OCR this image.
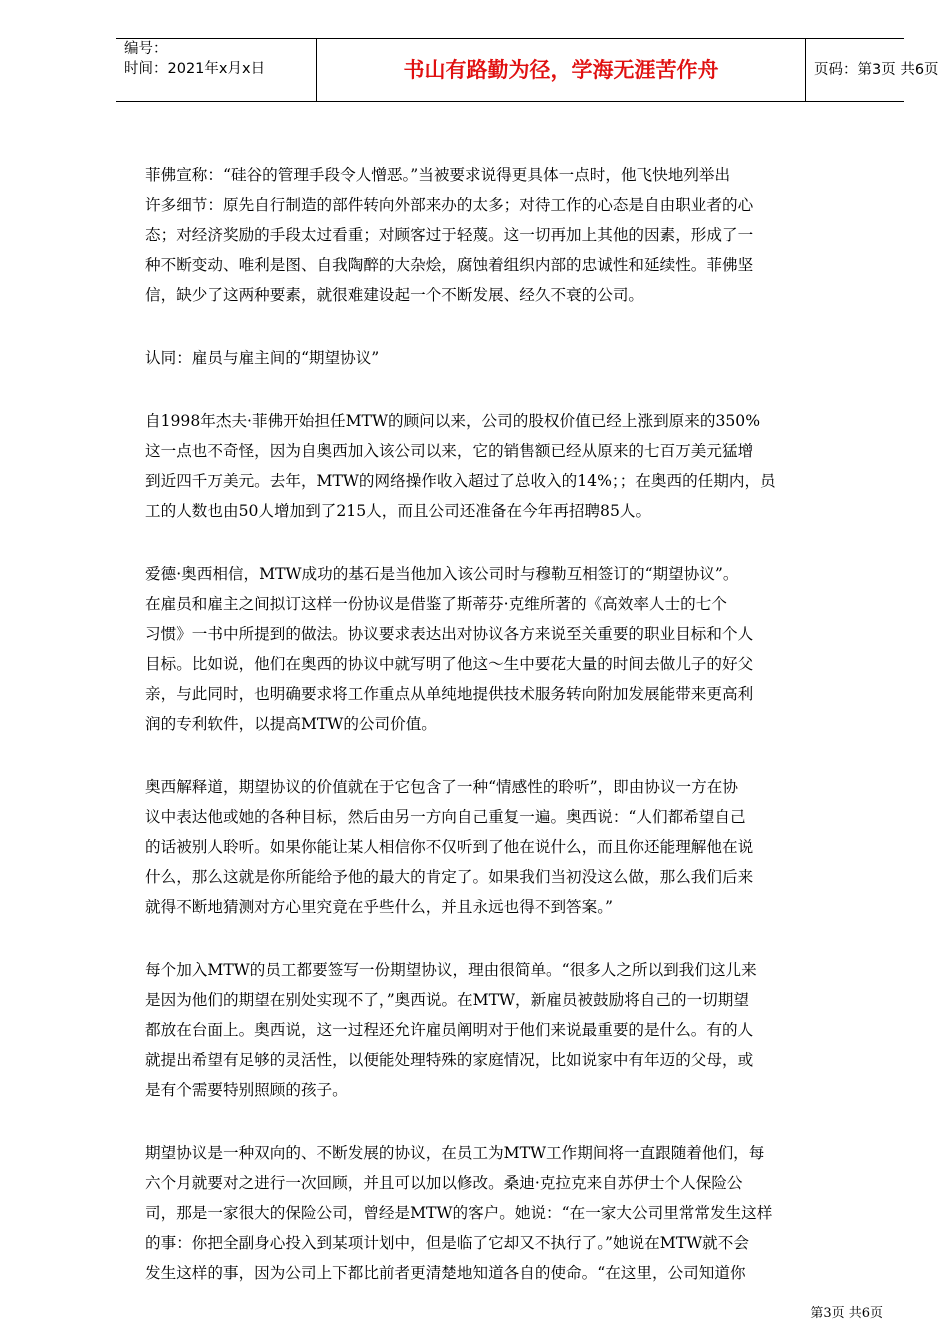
编号：
时间：2021年x月x日	书山有路勤为径，学海无涯苦作舟	页码：第3页 共6页
菲佛宣称：“硅谷的管理手段令人憎恶。”当被要求说得更具体一点时，他飞快地列举出
许多细节：原先自行制造的部件转向外部来办的太多；对待工作的心态是自由职业者的心
态；对经济奖励的手段太过看重；对顾客过于轻蔑。这一切再加上其他的因素，形成了一
种不断变动、唯利是图、自我陶醉的大杂烩，腐蚀着组织内部的忠诚性和延续性。菲佛坚
信，缺少了这两种要素，就很难建设起一个不断发展、经久不衰的公司。
认同：雇员与雇主间的“期望协议”
自1998年杰夫·菲佛开始担任MTW的顾问以来，公司的股权价值已经上涨到原来的350%
这一点也不奇怪，因为自奥西加入该公司以来，它的销售额已经从原来的七百万美元猛增
到近四千万美元。去年，MTW的网络操作收入超过了总收入的14%；；在奥西的任期内，员
工的人数也由50人增加到了215人，而且公司还准备在今年再招聘85人。
爱德·奥西相信，MTW成功的基石是当他加入该公司时与穆勒互相签订的“期望协议”。
在雇员和雇主之间拟订这样一份协议是借鉴了斯蒂芬·克维所著的《高效率人士的七个
习惯》一书中所提到的做法。协议要求表达出对协议各方来说至关重要的职业目标和个人
目标。比如说，他们在奥西的协议中就写明了他这～生中要花大量的时间去做儿子的好父
亲，与此同时，也明确要求将工作重点从单纯地提供技术服务转向附加发展能带来更高利
润的专利软件，以提高MTW的公司价值。
奥西解释道，期望协议的价值就在于它包含了一种“情感性的聆听”，即由协议一方在协
议中表达他或她的各种目标，然后由另一方向自己重复一遍。奥西说：“人们都希望自己
的话被别人聆听。如果你能让某人相信你不仅听到了他在说什么，而且你还能理解他在说
什么，那么这就是你所能给予他的最大的肯定了。如果我们当初没这么做，那么我们后来
就得不断地猜测对方心里究竟在乎些什么，并且永远也得不到答案。”
每个加入MTW的员工都要签写一份期望协议，理由很简单。“很多人之所以到我们这儿来
是因为他们的期望在别处实现不了，”奥西说。在MTW，新雇员被鼓励将自己的一切期望
都放在台面上。奥西说，这一过程还允许雇员阐明对于他们来说最重要的是什么。有的人
就提出希望有足够的灵活性，以便能处理特殊的家庭情况，比如说家中有年迈的父母，或
是有个需要特别照顾的孩子。
期望协议是一种双向的、不断发展的协议，在员工为MTW工作期间将一直跟随着他们，每
六个月就要对之进行一次回顾，并且可以加以修改。桑迪·克拉克来自苏伊士个人保险公
司，那是一家很大的保险公司，曾经是MTW的客户。她说：“在一家大公司里常常发生这样
的事：你把全副身心投入到某项计划中，但是临了它却又不执行了。”她说在MTW就不会
发生这样的事，因为公司上下都比前者更清楚地知道各自的使命。“在这里，公司知道你
第3页 共6页
